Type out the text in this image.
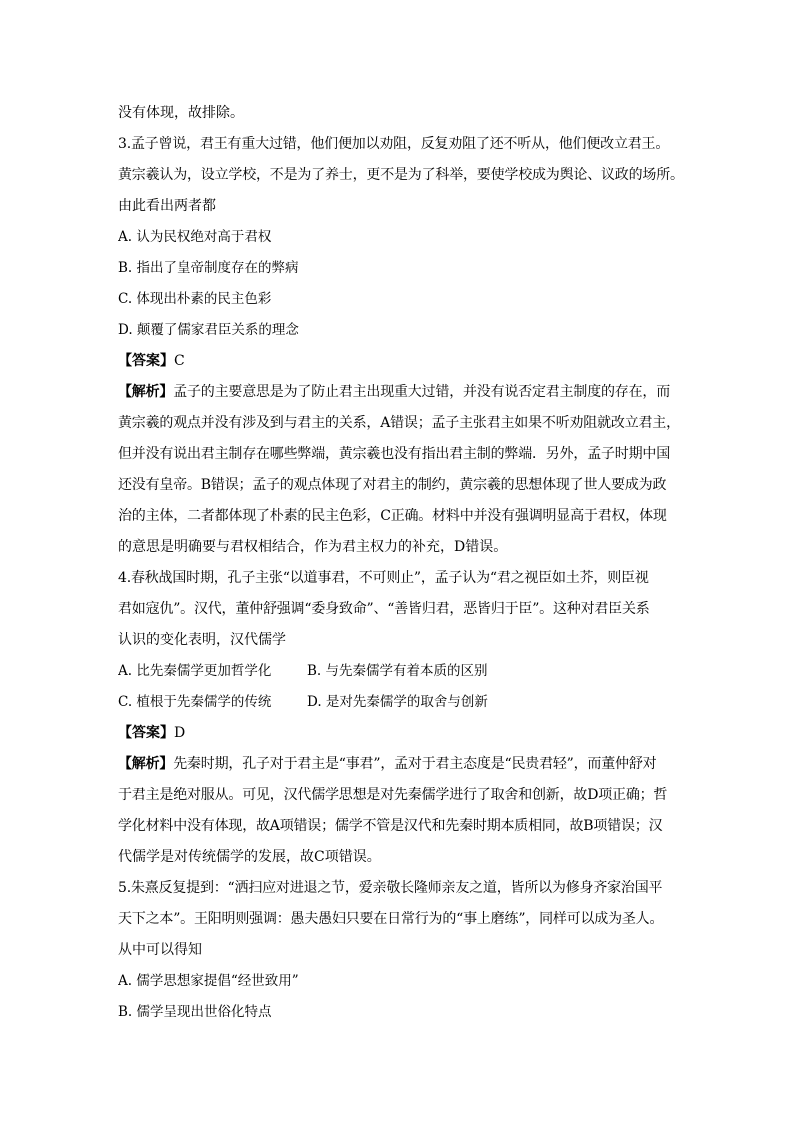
没有体现，故排除。
3.孟子曾说，君王有重大过错，他们便加以劝阻，反复劝阻了还不听从，他们便改立君王。
黄宗羲认为，设立学校，不是为了养士，更不是为了科举，要使学校成为舆论、议政的场所。
由此看出两者都
A. 认为民权绝对高于君权
B. 指出了皇帝制度存在的弊病
C. 体现出朴素的民主色彩
D. 颠覆了儒家君臣关系的理念
【答案】C
【解析】孟子的主要意思是为了防止君主出现重大过错，并没有说否定君主制度的存在，而
黄宗羲的观点并没有涉及到与君主的关系，A错误；孟子主张君主如果不听劝阻就改立君主，
但并没有说出君主制存在哪些弊端，黄宗羲也没有指出君主制的弊端．另外，孟子时期中国
还没有皇帝。B错误；孟子的观点体现了对君主的制约，黄宗羲的思想体现了世人要成为政
治的主体，二者都体现了朴素的民主色彩，C正确。材料中并没有强调明显高于君权，体现
的意思是明确要与君权相结合，作为君主权力的补充，D错误。
4.春秋战国时期，孔子主张“以道事君，不可则止”，孟子认为“君之视臣如土芥，则臣视
君如寇仇”。汉代，董仲舒强调“委身致命”、“善皆归君，恶皆归于臣”。这种对君臣关系
认识的变化表明，汉代儒学
A. 比先秦儒学更加哲学化	B. 与先秦儒学有着本质的区别
C. 植根于先秦儒学的传统	D. 是对先秦儒学的取舍与创新
【答案】D
【解析】先秦时期，孔子对于君主是“事君”，孟对于君主态度是“民贵君轻”，而董仲舒对
于君主是绝对服从。可见，汉代儒学思想是对先秦儒学进行了取舍和创新，故D项正确；哲
学化材料中没有体现，故A项错误；儒学不管是汉代和先秦时期本质相同，故B项错误；汉
代儒学是对传统儒学的发展，故C项错误。
5.朱熹反复提到：“洒扫应对进退之节，爱亲敬长隆师亲友之道，皆所以为修身齐家治国平
天下之本”。王阳明则强调：愚夫愚妇只要在日常行为的“事上磨练”，同样可以成为圣人。
从中可以得知
A. 儒学思想家提倡“经世致用”
B. 儒学呈现出世俗化特点
